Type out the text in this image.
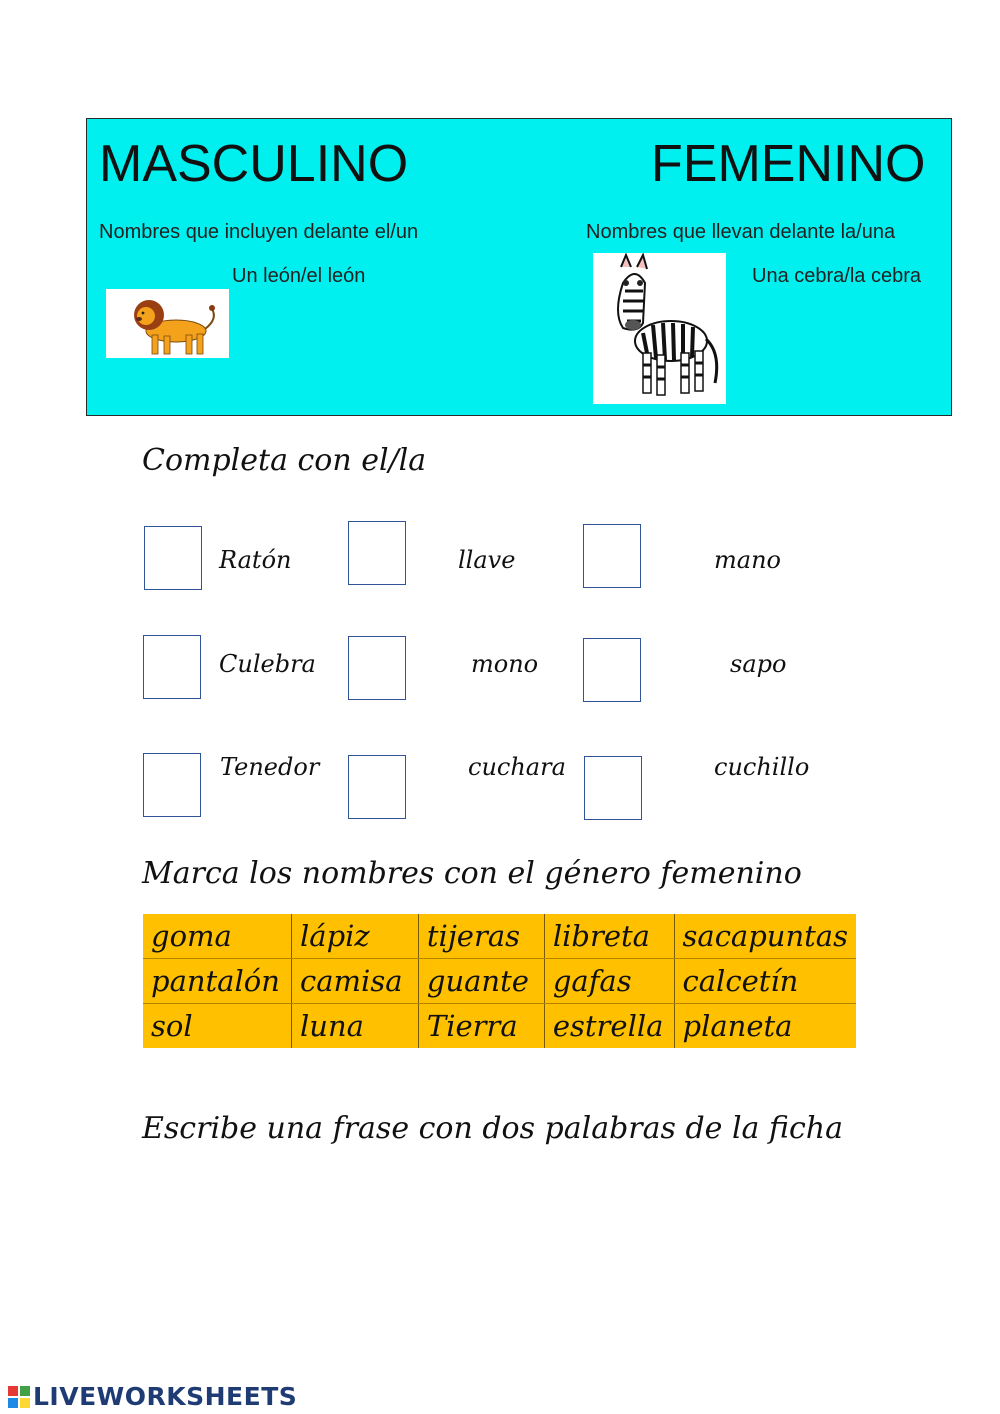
MASCULINO	FEMENINO
Nombres que incluyen delante el/un	Nombres que llevan delante la/una
Un león/el león	Una cebra/la cebra
Completa con el/la
Ratón	llave	mano
Culebra	mono	sapo
Tenedor	cuchara	cuchillo
Marca los nombres con el género femenino
goma	lápiz	tijeras	libreta	sacapuntas
pantalón	camisa	guante	gafas	calcetín
sol	luna	Tierra	estrella	planeta
Escribe una frase con dos palabras de la ficha
LIVEWORKSHEETS
